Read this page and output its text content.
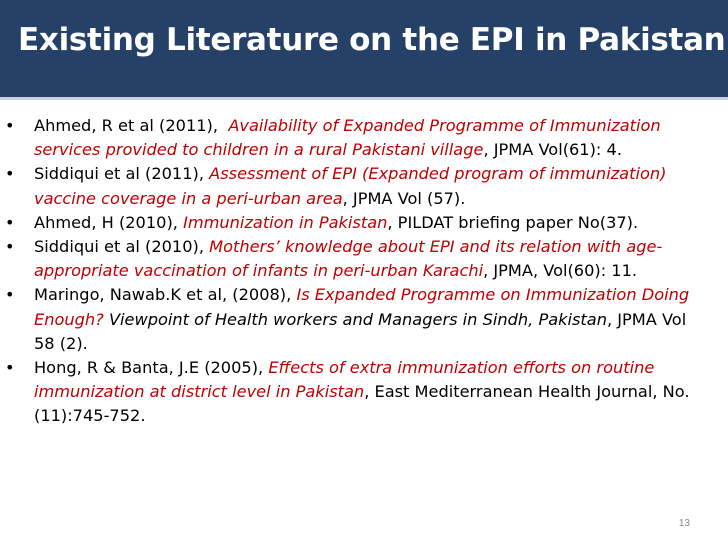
Existing Literature on the EPI in Pakistan
• Ahmed, R et al (2011), Availability of Expanded Programme of Immunization services provided to children in a rural Pakistani village, JPMA Vol(61): 4.
• Siddiqui et al (2011), Assessment of EPI (Expanded program of immunization) vaccine coverage in a peri-urban area, JPMA Vol (57).
• Ahmed, H (2010), Immunization in Pakistan, PILDAT briefing paper No(37).
• Siddiqui et al (2010), Mothers’ knowledge about EPI and its relation with age-appropriate vaccination of infants in peri-urban Karachi, JPMA, Vol(60): 11.
• Maringo, Nawab.K et al, (2008), Is Expanded Programme on Immunization Doing Enough? Viewpoint of Health workers and Managers in Sindh, Pakistan, JPMA Vol 58 (2).
• Hong, R & Banta, J.E (2005), Effects of extra immunization efforts on routine immunization at district level in Pakistan, East Mediterranean Health Journal, No. (11):745-752.
13
